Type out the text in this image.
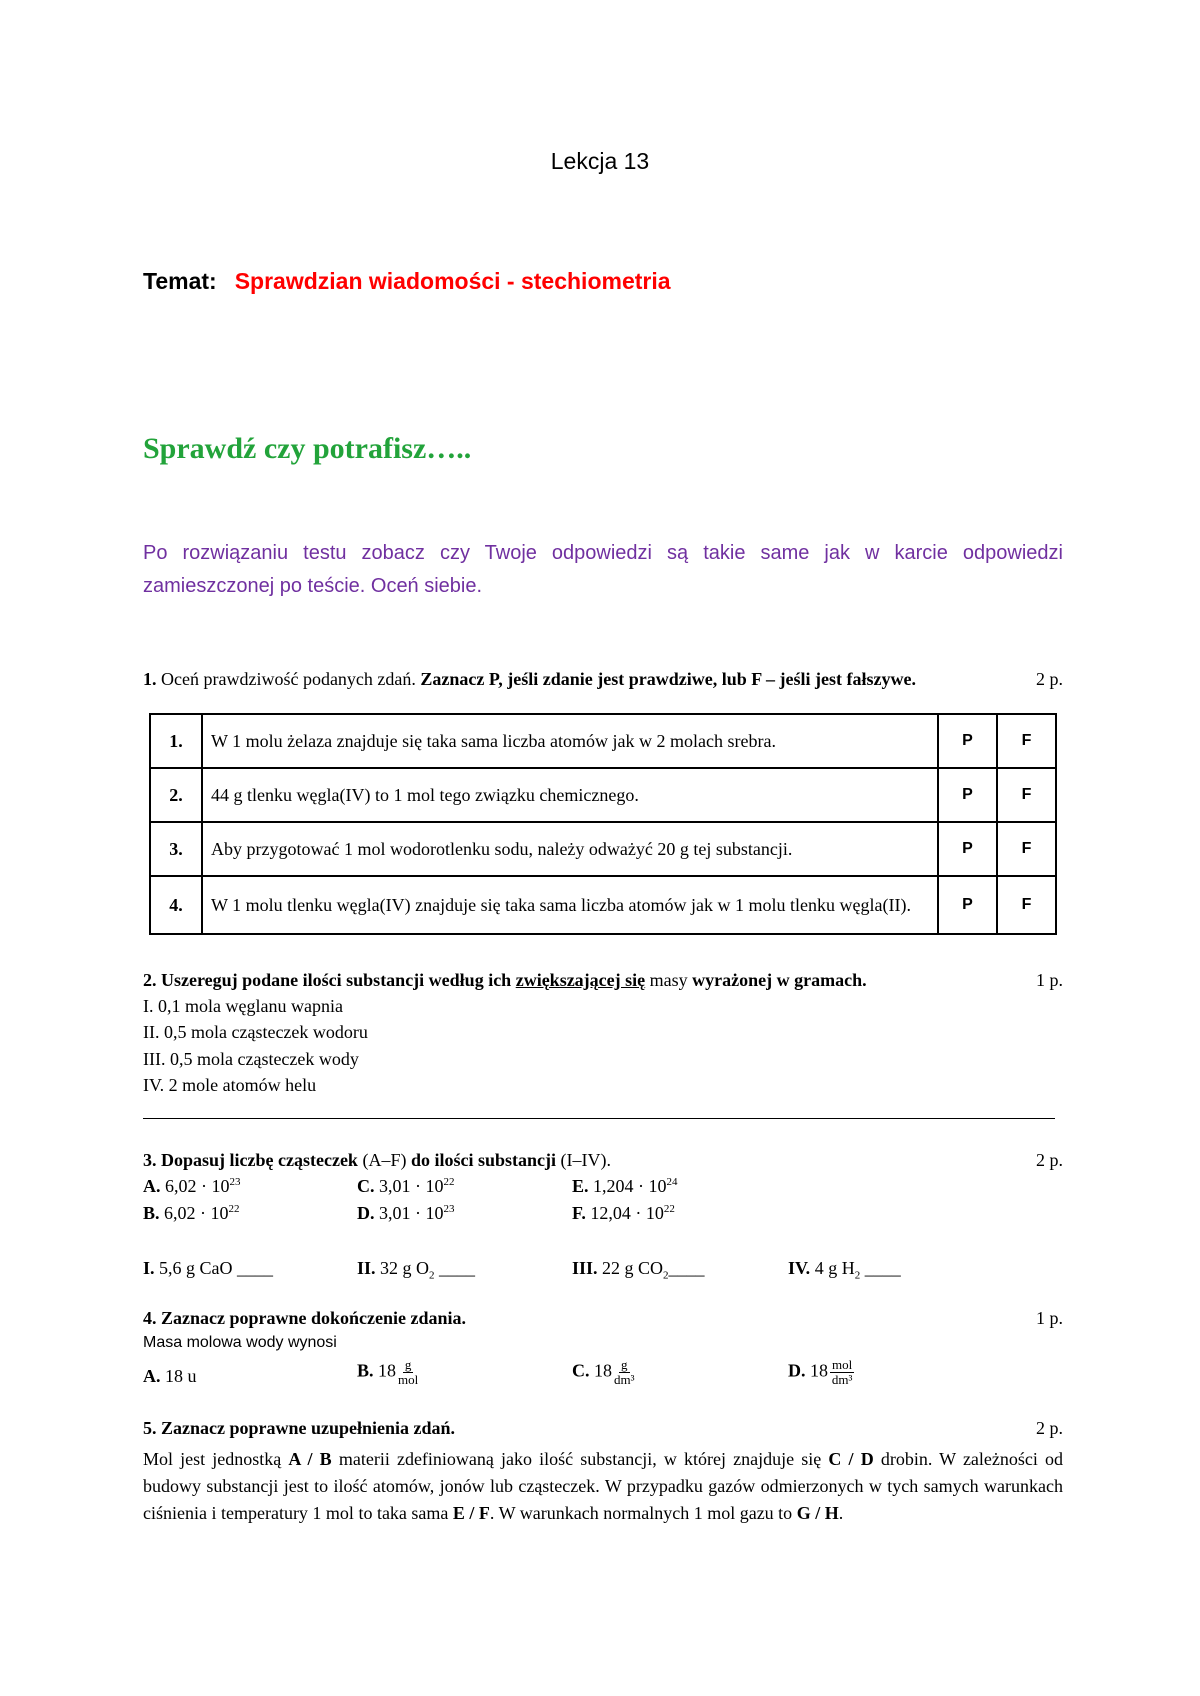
Lekcja 13
Temat: Sprawdzian wiadomości - stechiometria
Sprawdź czy potrafisz…..
Po rozwiązaniu testu zobacz czy Twoje odpowiedzi są takie same jak w karcie odpowiedzi zamieszczonej po teście. Oceń siebie.
1. Oceń prawdziwość podanych zdań. Zaznacz P, jeśli zdanie jest prawdziwe, lub F – jeśli jest fałszywe.	2 p.
1.	W 1 molu żelaza znajduje się taka sama liczba atomów jak w 2 molach srebra.	P	F
2.	44 g tlenku węgla(IV) to 1 mol tego związku chemicznego.	P	F
3.	Aby przygotować 1 mol wodorotlenku sodu, należy odważyć 20 g tej substancji.	P	F
4.	W 1 molu tlenku węgla(IV) znajduje się taka sama liczba atomów jak w 1 molu tlenku węgla(II).	P	F
2. Uszereguj podane ilości substancji według ich zwiększającej się masy wyrażonej w gramach.	1 p.
I. 0,1 mola węglanu wapnia
II. 0,5 mola cząsteczek wodoru
III. 0,5 mola cząsteczek wody
IV. 2 mole atomów helu
3. Dopasuj liczbę cząsteczek (A–F) do ilości substancji (I–IV).	2 p.
A. $6,02 \cdot 10^{23}$	C. $3,01 \cdot 10^{22}$	E. $1,204 \cdot 10^{24}$
B. $6,02 \cdot 10^{22}$	D. $3,01 \cdot 10^{23}$	F. $12,04 \cdot 10^{22}$
I. 5,6 g CaO ____	II. 32 g $O_2$ ____	III. 22 g $CO_2\_\_\_\_$	IV. 4 g $H_2$ ____
4. Zaznacz poprawne dokończenie zdania.	1 p.
Masa molowa wody wynosi
A. 18 u	B. $18 \frac{g}{\text{mol}}$	C. $18 \frac{g}{\text{dm³}}$	D. $18 \frac{\text{mol}}{\text{dm³}}$
5. Zaznacz poprawne uzupełnienia zdań.	2 p.
Mol jest jednostką A / B materii zdefiniowaną jako ilość substancji, w której znajduje się C / D drobin. W zależności od budowy substancji jest to ilość atomów, jonów lub cząsteczek. W przypadku gazów odmierzonych w tych samych warunkach ciśnienia i temperatury 1 mol to taka sama E / F. W warunkach normalnych 1 mol gazu to G / H.
